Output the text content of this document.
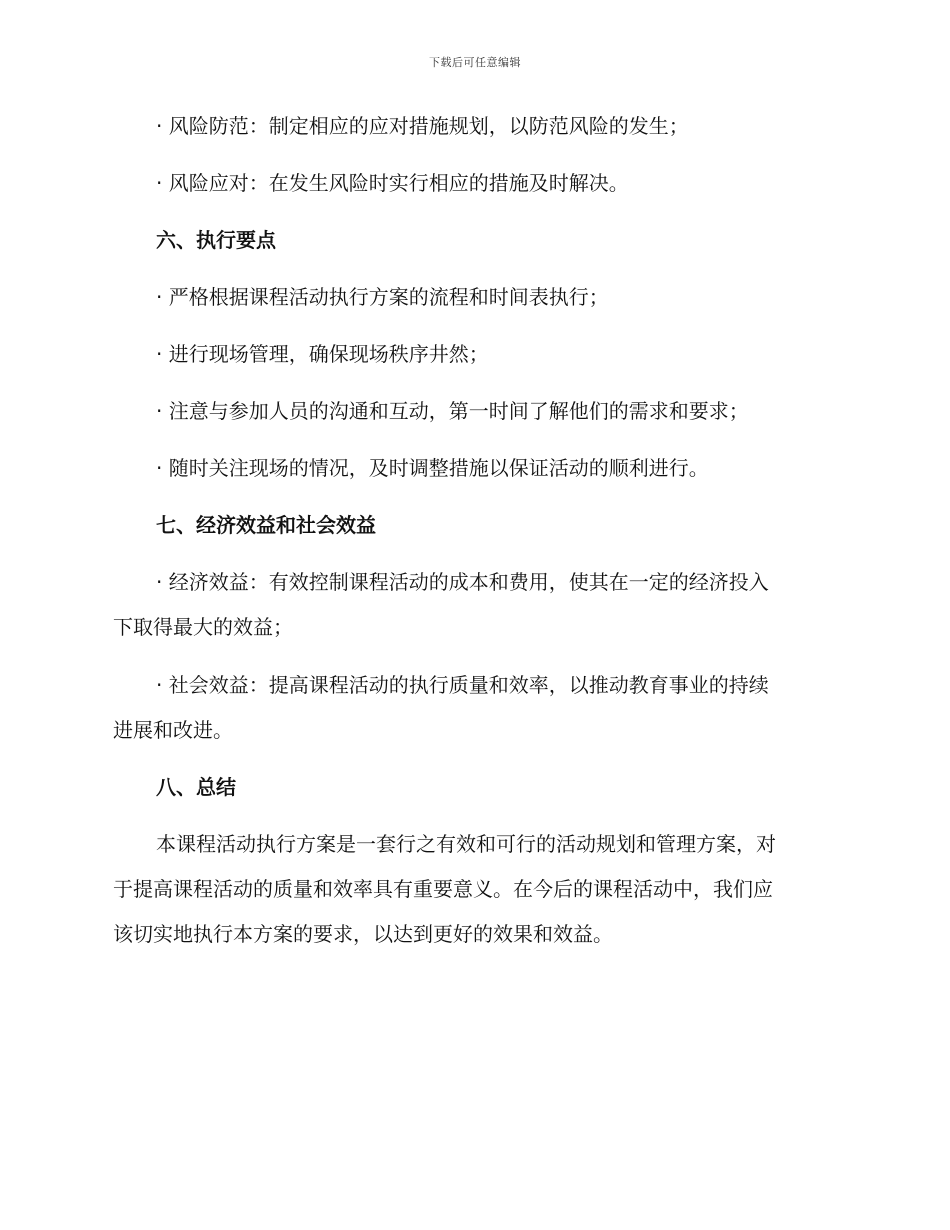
下载后可任意编辑

· 风险防范：制定相应的应对措施规划，以防范风险的发生；

· 风险应对：在发生风险时实行相应的措施及时解决。

六、执行要点

· 严格根据课程活动执行方案的流程和时间表执行；

· 进行现场管理，确保现场秩序井然；

· 注意与参加人员的沟通和互动，第一时间了解他们的需求和要求；

· 随时关注现场的情况，及时调整措施以保证活动的顺利进行。

七、经济效益和社会效益

· 经济效益：有效控制课程活动的成本和费用，使其在一定的经济投入

下取得最大的效益；

· 社会效益：提高课程活动的执行质量和效率，以推动教育事业的持续

进展和改进。

八、总结

本课程活动执行方案是一套行之有效和可行的活动规划和管理方案，对

于提高课程活动的质量和效率具有重要意义。在今后的课程活动中，我们应

该切实地执行本方案的要求，以达到更好的效果和效益。
